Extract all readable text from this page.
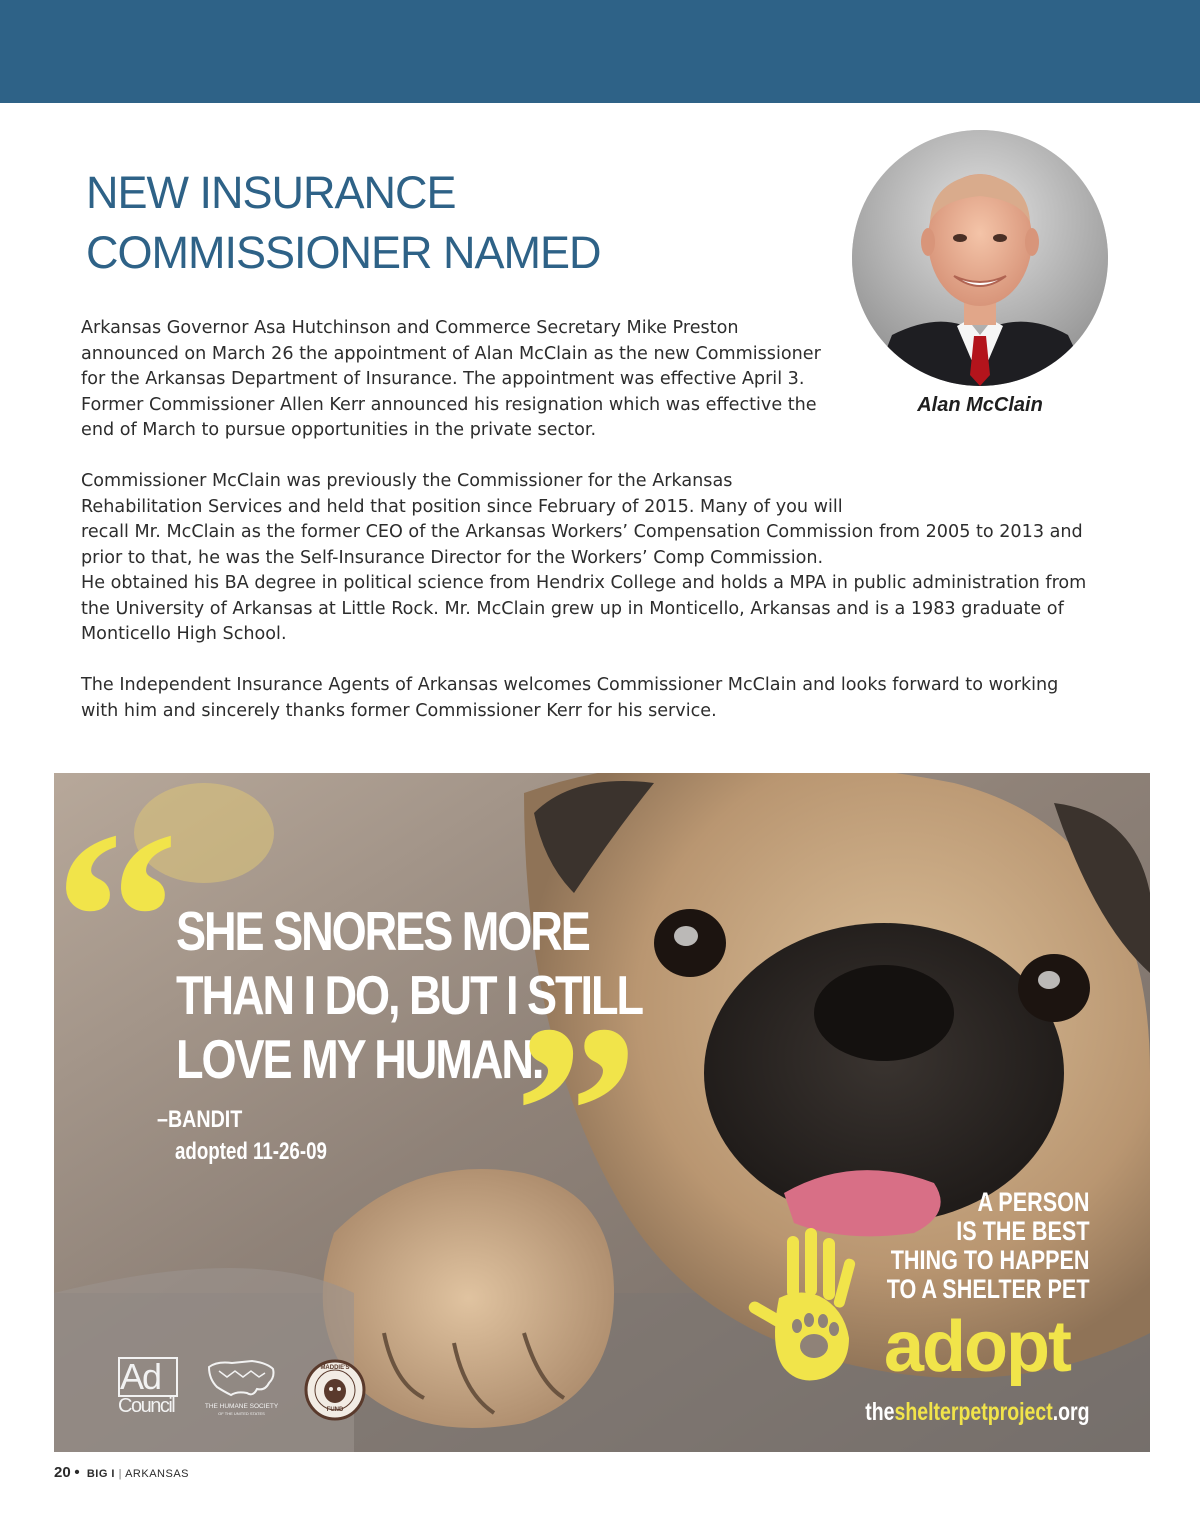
NEW INSURANCE
COMMISSIONER NAMED
Alan McClain

Arkansas Governor Asa Hutchinson and Commerce Secretary Mike Preston
announced on March 26 the appointment of Alan McClain as the new Commissioner
for the Arkansas Department of Insurance. The appointment was effective April 3.
Former Commissioner Allen Kerr announced his resignation which was effective the
end of March to pursue opportunities in the private sector.

Commissioner McClain was previously the Commissioner for the Arkansas
Rehabilitation Services and held that position since February of 2015. Many of you will
recall Mr. McClain as the former CEO of the Arkansas Workers’ Compensation Commission from 2005 to 2013 and
prior to that, he was the Self-Insurance Director for the Workers’ Comp Commission.
He obtained his BA degree in political science from Hendrix College and holds a MPA in public administration from
the University of Arkansas at Little Rock. Mr. McClain grew up in Monticello, Arkansas and is a 1983 graduate of
Monticello High School.

The Independent Insurance Agents of Arkansas welcomes Commissioner McClain and looks forward to working
with him and sincerely thanks former Commissioner Kerr for his service.

“
SHE SNORES MORE
THAN I DO, BUT I STILL
LOVE MY HUMAN.
”
–BANDIT
adopted 11-26-09
A PERSON
IS THE BEST
THING TO HAPPEN
TO A SHELTER PET
adopt
theshelterpetproject.org
Ad
Council	THE HUMANE SOCIETY
OF THE UNITED STATES
MADDIE'S
FUND
20 • BIG I | ARKANSAS
